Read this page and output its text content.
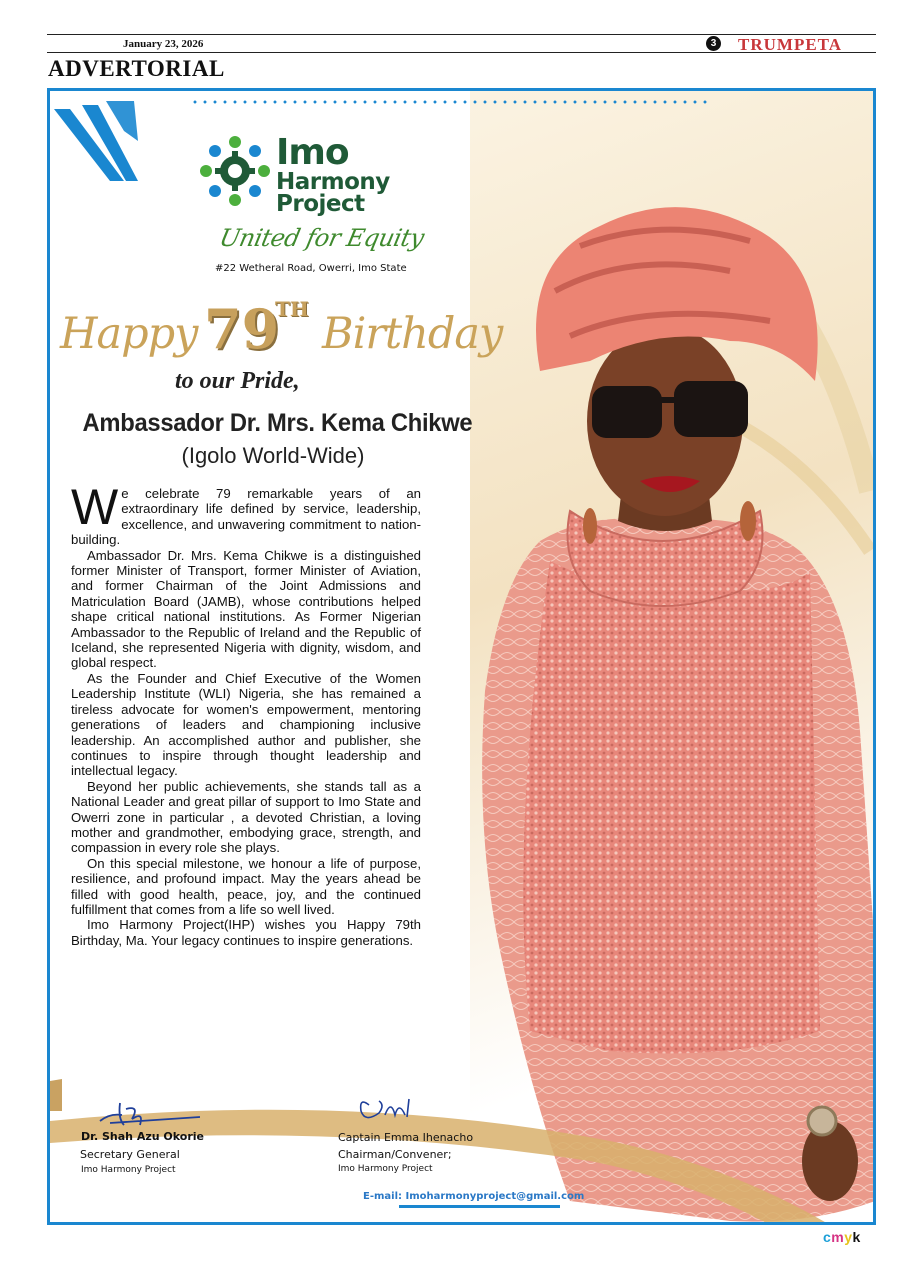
January 23, 2026	3 TRUMPETA
ADVERTORIAL
Imo
Harmony
Project
United for Equity
#22 Wetheral Road, Owerri, Imo State
Happy 79
TH Birthday
to our Pride,
Ambassador Dr. Mrs. Kema Chikwe
(Igolo World-Wide)

We celebrate 79 remarkable years of an extraordinary life defined by service, leadership, excellence, and unwavering commitment to nation-building.

Ambassador Dr. Mrs. Kema Chikwe is a distinguished former Minister of Transport, former Minister of Aviation, and former Chairman of the Joint Admissions and Matriculation Board (JAMB), whose contributions helped shape critical national institutions. As Former Nigerian Ambassador to the Republic of Ireland and the Republic of Iceland, she represented Nigeria with dignity, wisdom, and global respect.

As the Founder and Chief Executive of the Women Leadership Institute (WLI) Nigeria, she has remained a tireless advocate for women's empowerment, mentoring generations of leaders and championing inclusive leadership. An accomplished author and publisher, she continues to inspire through thought leadership and intellectual legacy.

Beyond her public achievements, she stands tall as a National Leader and great pillar of support to Imo State and Owerri zone in particular , a devoted Christian, a loving mother and grandmother, embodying grace, strength, and compassion in every role she plays.

On this special milestone, we honour a life of purpose, resilience, and profound impact. May the years ahead be filled with good health, peace, joy, and the continued fulfillment that comes from a life so well lived.

Imo Harmony Project(IHP) wishes you Happy 79th Birthday, Ma. Your legacy continues to inspire generations.

Dr. Shah Azu Okorie
Secretary General
Imo Harmony Project
Captain Emma Ihenacho
Chairman/Convener;
Imo Harmony Project
E-mail: Imoharmonyproject@gmail.com
cmyk
